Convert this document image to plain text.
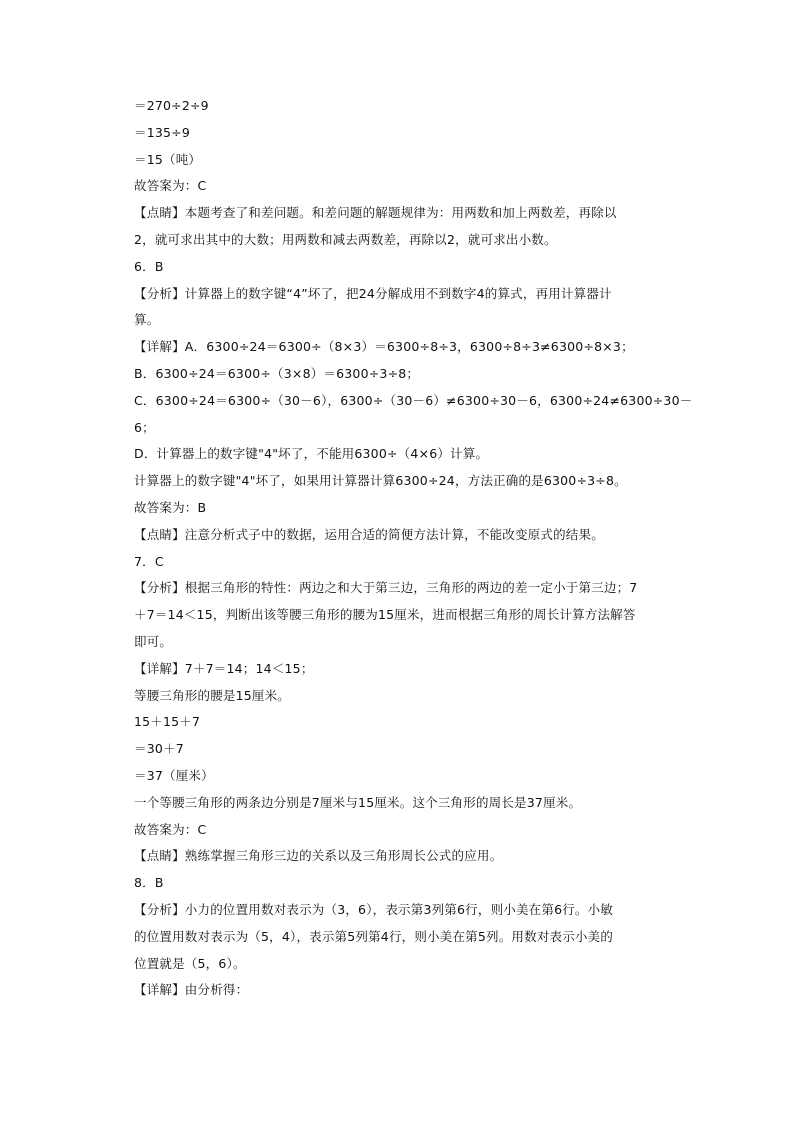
＝270÷2÷9
＝135÷9
＝15（吨）
故答案为：C
【点睛】本题考查了和差问题。和差问题的解题规律为：用两数和加上两数差，再除以
2，就可求出其中的大数；用两数和减去两数差，再除以2，就可求出小数。
6．B
【分析】计算器上的数字键“4”坏了，把24分解成用不到数字4的算式，再用计算器计
算。
【详解】A．6300÷24＝6300÷（8×3）＝6300÷8÷3，6300÷8÷3≠6300÷8×3；
B．6300÷24＝6300÷（3×8）＝6300÷3÷8；
C．6300÷24＝6300÷（30－6），6300÷（30－6）≠6300÷30－6，6300÷24≠6300÷30－
6；
D．计算器上的数字键"4"坏了，不能用6300÷（4×6）计算。
计算器上的数字键"4"坏了，如果用计算器计算6300÷24，方法正确的是6300÷3÷8。
故答案为：B
【点睛】注意分析式子中的数据，运用合适的简便方法计算，不能改变原式的结果。
7．C
【分析】根据三角形的特性：两边之和大于第三边，三角形的两边的差一定小于第三边；7
＋7＝14＜15，判断出该等腰三角形的腰为15厘米，进而根据三角形的周长计算方法解答
即可。
【详解】7＋7＝14；14＜15；
等腰三角形的腰是15厘米。
15＋15＋7
＝30＋7
＝37（厘米）
一个等腰三角形的两条边分别是7厘米与15厘米。这个三角形的周长是37厘米。
故答案为：C
【点睛】熟练掌握三角形三边的关系以及三角形周长公式的应用。
8．B
【分析】小力的位置用数对表示为（3，6），表示第3列第6行，则小美在第6行。小敏
的位置用数对表示为（5，4），表示第5列第4行，则小美在第5列。用数对表示小美的
位置就是（5，6）。
【详解】由分析得：
